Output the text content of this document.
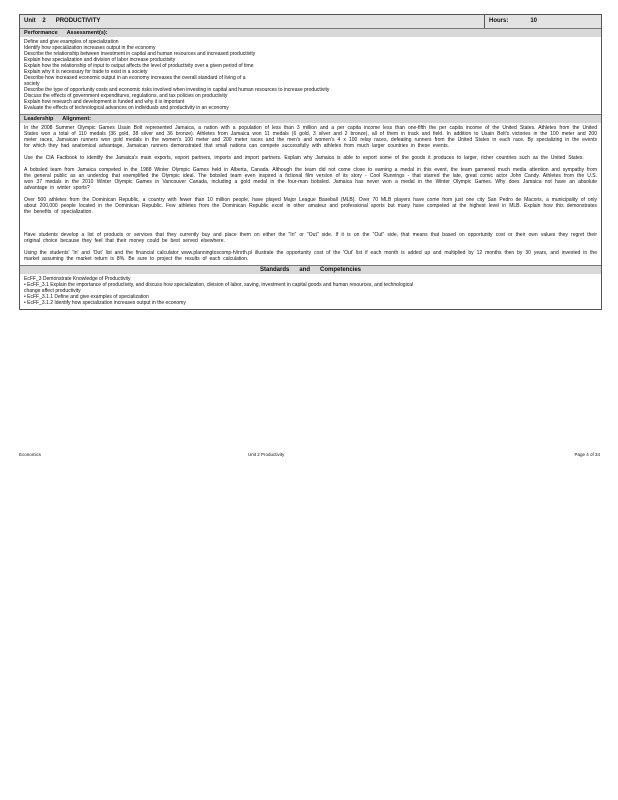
Unit 2 PRODUCTIVITY	Hours:	10
Performance      Assessment(s):
Define and give examples of specialization
Identify how specialization increases output in the economy
Describe the relationship between investment in capital and human resources and increased productivity
Explain how specialization and division of labor increase productivity
Explain how the relationship of input to output affects the level of productivity over a given period of time
Explain why it is necessary for trade to exist in a society
Describe how increased economic output in an economy increases the overall standard of living of a
society
Describe the type of opportunity costs and economic risks involved when investing in capital and human resources to increase productivity
Discuss the effects of government expenditures, regulations, and tax policies on productivity
Explain how research and development is funded and why it is important
Evaluate the effects of technological advances on individuals and productivity in an economy
Leadership      Alignment:
In the 2008 Summer Olympic Games Usain Bolt represented Jamaica, a nation with a population of less than 3 million and a per capita income less than one-fifth the per capita income of the United States. Athletes from the United States won a total of 110 medals (36 gold, 38 silver and 36 bronze). Athletes from Jamaica won 11 medals (6 gold, 3 silver and 2 bronze), all of them in track and field. In addition to Usain Bolt's victories in the 100 meter and 200 meter races, Jamaican runners won gold medals in the women's 100 meter and 200 meter races and the men's and women's 4 x 100 relay races, defeating runners from the United States in each race. By specializing in the events for which they had anatomical advantage, Jamaican runners demonstrated that small nations can compete successfully with athletes from much larger countries in these events.
Use the CIA Factbook to identify the Jamaica's main exports, export partners, imports and import partners. Explain why Jamaica is able to export some of the goods it produces to larger, richer countries such as the United States.
A bobsled team from Jamaica competed in the 1988 Winter Olympic Games held in Alberta, Canada. Although the team did not come close to earning a medal in this event, the team garnered much media attention and sympathy from the general public as an underdog that exemplified the Olympic ideal. The bobsled team even inspired a fictional film version of its story - Cool Runnings - that starred the late, great comic actor John Candy. Athletes from the U.S. won 37 medals in the 2010 Winter Olympic Games in Vancouver Canada, including a gold medal in the four-man bobsled. Jamaica has never won a medal in the Winter Olympic Games. Why does Jamaica not have an absolute advantage in winter sports?
Over 500 athletes from the Dominican Republic, a country with fewer than 10 million people, have played Major League Baseball (MLB). Over 70 MLB players have come from just one city San Pedro de Macoris, a municipality of only about 200,000 people located in the Dominican Republic. Few athletes from the Dominican Republic excel in other amateur and professional sports but many have competed at the highest level in MLB. Explain how this demonstrates the benefits of specialization.
Have students develop a list of products or services that they currently buy and place them on either the "In" or "Out" side. If it is on the "Out" side, that means that based on opportunity cost or their own values they regret their original choice because they feel that their money could be best served elsewhere.
Using the students' 'In' and 'Out' list and the financial calculator www.planningtoscomp-h/inrth.pl illustrate the opportunity cost of the 'Out' list if each month is added up and multiplied by 12 months then by 30 years, and invested in the market assuming the market return is 8%. Be sure to project the results of each calculation.
Standards      and      Competencies
EcFF_3 Demonstrate Knowledge of Productivity
• EcFF_3.1 Explain the importance of productivity, and discuss how specialization, division of labor, saving, investment in capital goods and human resources, and technological
change affect productivity
• EcFF_3.1.1 Define and give examples of specialization
• EcFF_3.1.2 Identify how specialization increases output in the economy
Economics	Unit 2 Productivity	Page 4 of 34
